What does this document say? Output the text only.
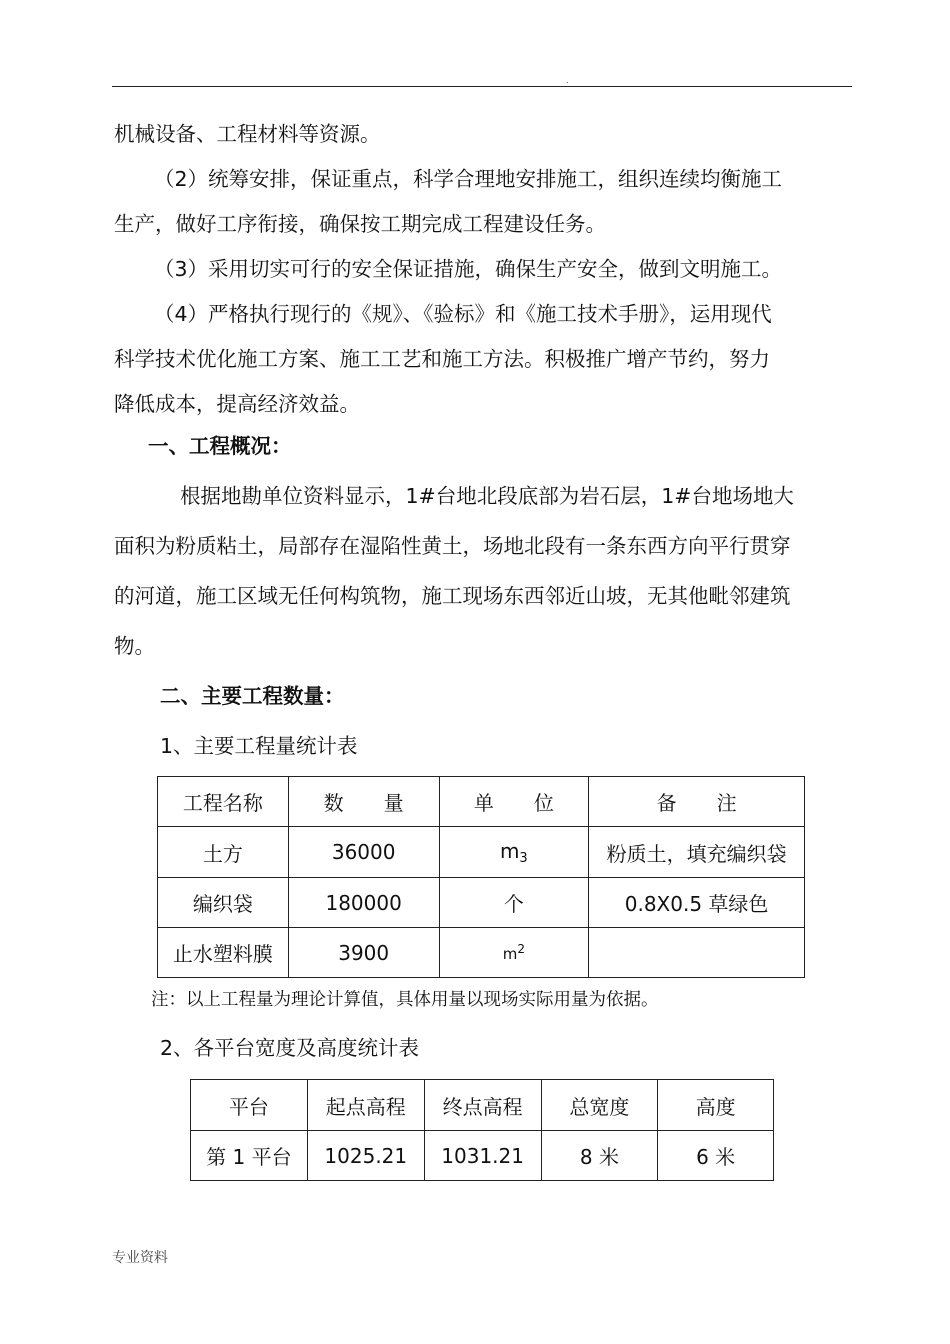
.
机械设备、工程材料等资源。
（2）统筹安排，保证重点，科学合理地安排施工，组织连续均衡施工
生产，做好工序衔接，确保按工期完成工程建设任务。
（3）采用切实可行的安全保证措施，确保生产安全，做到文明施工。
（4）严格执行现行的《规》、《验标》和《施工技术手册》，运用现代
科学技术优化施工方案、施工工艺和施工方法。积极推广增产节约，努力
降低成本，提高经济效益。
一、工程概况：
根据地勘单位资料显示，1#台地北段底部为岩石层，1#台地场地大
面积为粉质粘土，局部存在湿陷性黄土，场地北段有一条东西方向平行贯穿
的河道，施工区域无任何构筑物，施工现场东西邻近山坡，无其他毗邻建筑
物。
二、主要工程数量：
1、主要工程量统计表
工程名称	数　　量	单　　位	备　　注
土方	36000	$m_3$	粉质土，填充编织袋
编织袋	180000	个	0.8X0.5 草绿色
止水塑料膜	3900	$m^2$	
注：以上工程量为理论计算值，具体用量以现场实际用量为依据。
2、各平台宽度及高度统计表
平台	起点高程	终点高程	总宽度	高度
第 1 平台	1025.21	1031.21	8 米	6 米
专业资料
